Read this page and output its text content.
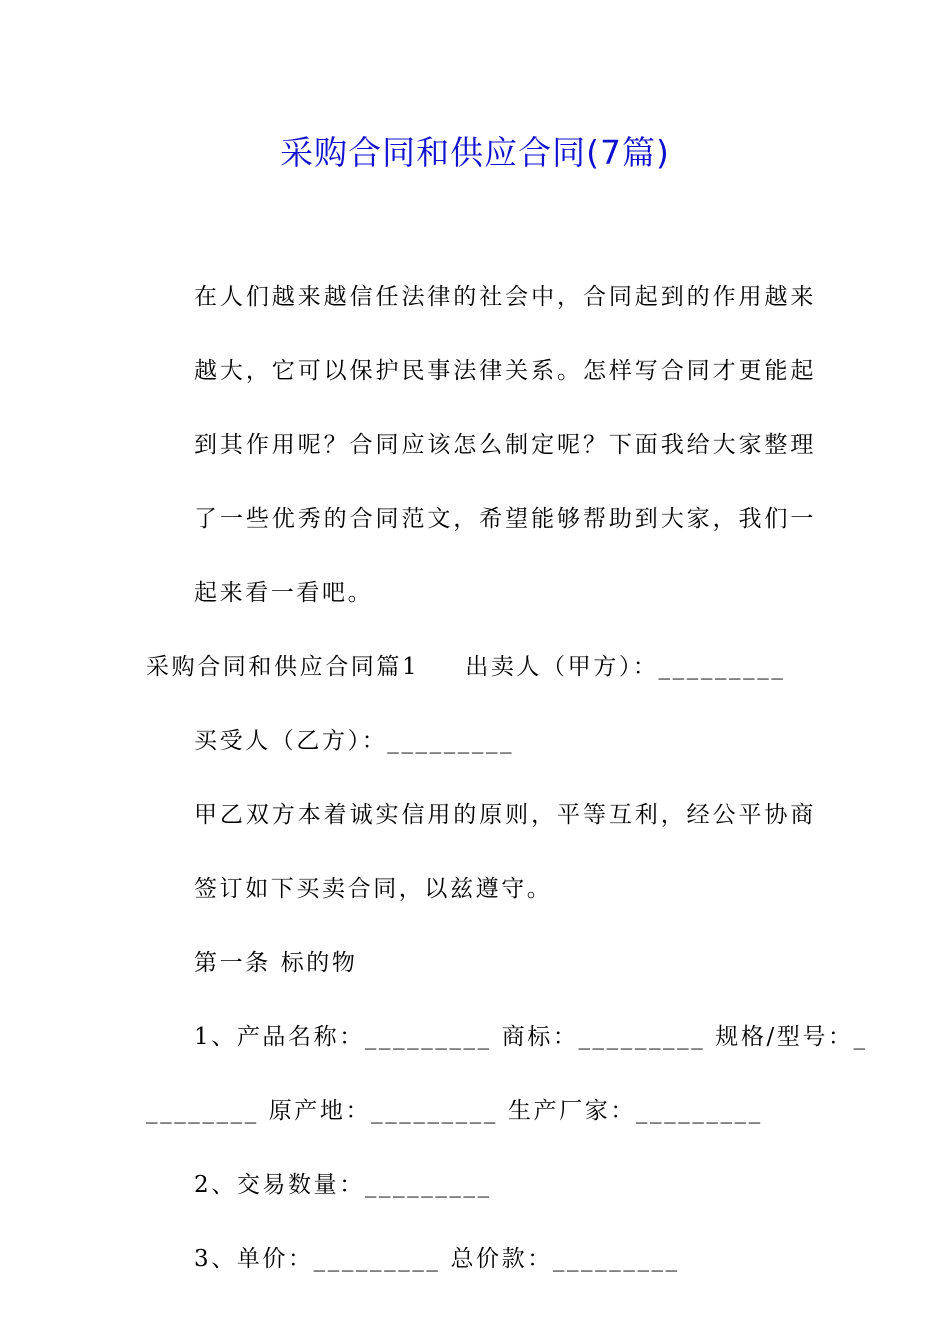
采购合同和供应合同(7篇)

在人们越来越信任法律的社会中，合同起到的作用越来越大，它可以保护民事法律关系。怎样写合同才更能起到其作用呢？合同应该怎么制定呢？下面我给大家整理了一些优秀的合同范文，希望能够帮助到大家，我们一起来看一看吧。

采购合同和供应合同篇1 出卖人（甲方）：_________

买受人（乙方）：_________

甲乙双方本着诚实信用的原则，平等互利，经公平协商签订如下买卖合同，以兹遵守。

第一条 标的物

1、产品名称：_________ 商标：_________ 规格/型号：_

________ 原产地：_________ 生产厂家：_________

2、交易数量：_________

3、单价：_________ 总价款：_________
